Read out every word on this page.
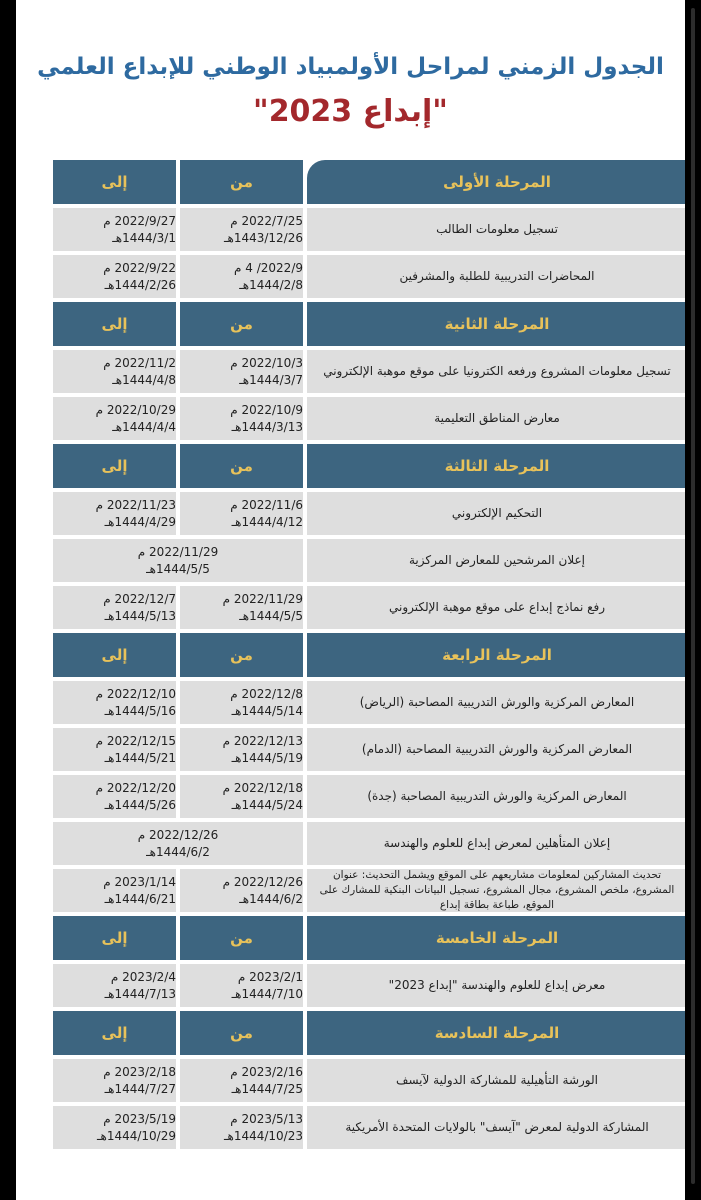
الجدول الزمني لمراحل الأولمبياد الوطني للإبداع العلمي
"إبداع 2023"
المرحلة الأولى
من
إلى
تسجيل معلومات الطالب
2022/7/25 م
1443/12/26هـ
2022/9/27 م
1444/3/1هـ
المحاضرات التدريبية للطلبة والمشرفين
2022/9/ 4 م
1444/2/8هـ
2022/9/22 م
1444/2/26هـ
المرحلة الثانية
من
إلى
تسجيل معلومات المشروع ورفعه الكترونيا على موقع موهبة الإلكتروني
2022/10/3 م
1444/3/7هـ
2022/11/2 م
1444/4/8هـ
معارض المناطق التعليمية
2022/10/9 م
1444/3/13هـ
2022/10/29 م
1444/4/4هـ
المرحلة الثالثة
من
إلى
التحكيم الإلكتروني
2022/11/6 م
1444/4/12هـ
2022/11/23 م
1444/4/29هـ
إعلان المرشحين للمعارض المركزية
2022/11/29 م
1444/5/5هـ
رفع نماذج إبداع على موقع موهبة الإلكتروني
2022/11/29 م
1444/5/5هـ
2022/12/7 م
1444/5/13هـ
المرحلة الرابعة
من
إلى
المعارض المركزية والورش التدريبية المصاحبة (الرياض)
2022/12/8 م
1444/5/14هـ
2022/12/10 م
1444/5/16هـ
المعارض المركزية والورش التدريبية المصاحبة (الدمام)
2022/12/13 م
1444/5/19هـ
2022/12/15 م
1444/5/21هـ
المعارض المركزية والورش التدريبية المصاحبة (جدة)
2022/12/18 م
1444/5/24هـ
2022/12/20 م
1444/5/26هـ
إعلان المتأهلين لمعرض إبداع للعلوم والهندسة
2022/12/26 م
1444/6/2هـ
تحديث المشاركين لمعلومات مشاريعهم على الموقع ويشمل التحديث: عنوان المشروع، ملخص المشروع، مجال المشروع، تسجيل البيانات البنكية للمشارك على الموقع، طباعة بطاقة إبداع
2022/12/26 م
1444/6/2هـ
2023/1/14 م
1444/6/21هـ
المرحلة الخامسة
من
إلى
معرض إبداع للعلوم والهندسة "إبداع 2023"
2023/2/1 م
1444/7/10هـ
2023/2/4 م
1444/7/13هـ
المرحلة السادسة
من
إلى
الورشة التأهيلية للمشاركة الدولية لآيسف
2023/2/16 م
1444/7/25هـ
2023/2/18 م
1444/7/27هـ
المشاركة الدولية لمعرض "آيسف" بالولايات المتحدة الأمريكية
2023/5/13 م
1444/10/23هـ
2023/5/19 م
1444/10/29هـ
